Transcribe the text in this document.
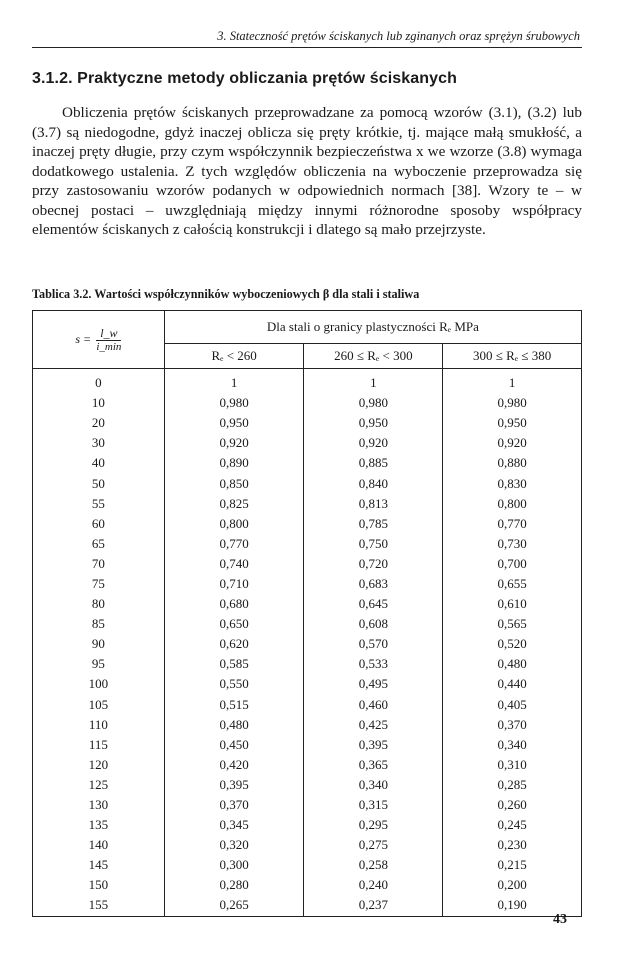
3. Stateczność prętów ściskanych lub zginanych oraz sprężyn śrubowych
3.1.2. Praktyczne metody obliczania prętów ściskanych

Obliczenia prętów ściskanych przeprowadzane za pomocą wzorów (3.1), (3.2) lub (3.7) są niedogodne, gdyż inaczej oblicza się pręty krótkie, tj. mające małą smukłość, a inaczej pręty długie, przy czym współczynnik bezpieczeństwa x we wzorze (3.8) wymaga dodatkowego ustalenia. Z tych względów obliczenia na wyboczenie przeprowadza się przy zastosowaniu wzorów podanych w odpowiednich normach [38]. Wzory te – w obecnej postaci – uwzględniają między innymi różnorodne sposoby współpracy elementów ściskanych z całością konstrukcji i dlatego są mało przejrzyste.

Tablica 3.2. Wartości współczynników wyboczeniowych β dla stali i staliwa
$s = \frac{l\_w}{i\_\min}$	Dla stali o granicy plastyczności Rₑ MPa		
	Rₑ < 260	260 ≤ Rₑ < 300	300 ≤ Rₑ ≤ 380
0	1	1	1
10	0,980	0,980	0,980
20	0,950	0,950	0,950
30	0,920	0,920	0,920
40	0,890	0,885	0,880
50	0,850	0,840	0,830
55	0,825	0,813	0,800
60	0,800	0,785	0,770
65	0,770	0,750	0,730
70	0,740	0,720	0,700
75	0,710	0,683	0,655
80	0,680	0,645	0,610
85	0,650	0,608	0,565
90	0,620	0,570	0,520
95	0,585	0,533	0,480
100	0,550	0,495	0,440
105	0,515	0,460	0,405
110	0,480	0,425	0,370
115	0,450	0,395	0,340
120	0,420	0,365	0,310
125	0,395	0,340	0,285
130	0,370	0,315	0,260
135	0,345	0,295	0,245
140	0,320	0,275	0,230
145	0,300	0,258	0,215
150	0,280	0,240	0,200
155	0,265	0,237	0,190
43
